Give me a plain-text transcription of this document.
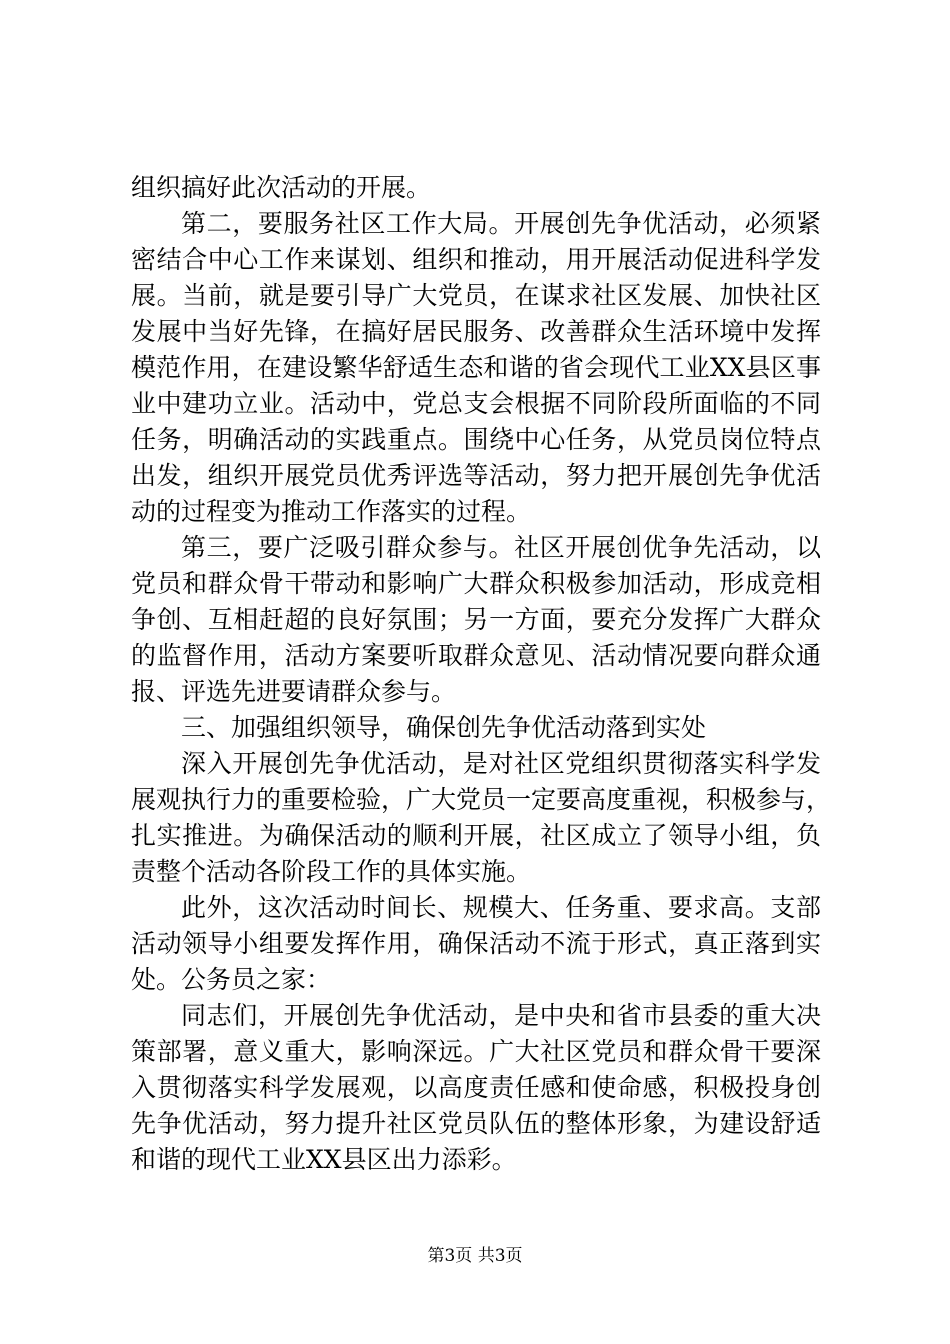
组织搞好此次活动的开展。
第二，要服务社区工作大局。开展创先争优活动，必须紧
密结合中心工作来谋划、组织和推动，用开展活动促进科学发
展。当前，就是要引导广大党员，在谋求社区发展、加快社区
发展中当好先锋，在搞好居民服务、改善群众生活环境中发挥
模范作用，在建设繁华舒适生态和谐的省会现代工业XX县区事
业中建功立业。活动中，党总支会根据不同阶段所面临的不同
任务，明确活动的实践重点。围绕中心任务，从党员岗位特点
出发，组织开展党员优秀评选等活动，努力把开展创先争优活
动的过程变为推动工作落实的过程。
第三，要广泛吸引群众参与。社区开展创优争先活动，以
党员和群众骨干带动和影响广大群众积极参加活动，形成竞相
争创、互相赶超的良好氛围；另一方面，要充分发挥广大群众
的监督作用，活动方案要听取群众意见、活动情况要向群众通
报、评选先进要请群众参与。
三、加强组织领导，确保创先争优活动落到实处
深入开展创先争优活动，是对社区党组织贯彻落实科学发
展观执行力的重要检验，广大党员一定要高度重视，积极参与，
扎实推进。为确保活动的顺利开展，社区成立了领导小组，负
责整个活动各阶段工作的具体实施。
此外，这次活动时间长、规模大、任务重、要求高。支部
活动领导小组要发挥作用，确保活动不流于形式，真正落到实
处。公务员之家：
同志们，开展创先争优活动，是中央和省市县委的重大决
策部署，意义重大，影响深远。广大社区党员和群众骨干要深
入贯彻落实科学发展观，以高度责任感和使命感，积极投身创
先争优活动，努力提升社区党员队伍的整体形象，为建设舒适
和谐的现代工业XX县区出力添彩。
第3页 共3页
